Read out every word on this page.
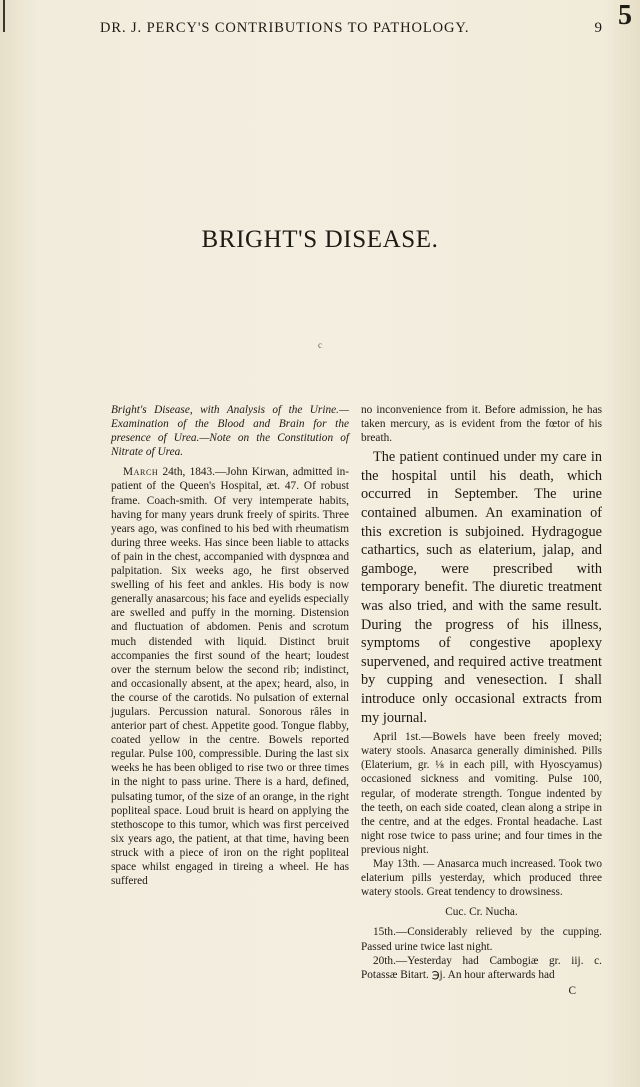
DR. J. PERCY'S CONTRIBUTIONS TO PATHOLOGY.	9 5
BRIGHT'S DISEASE.
c

Bright's Disease, with Analysis of the Urine.—Examination of the Blood and Brain for the presence of Urea.—Note on the Constitution of Nitrate of Urea.

March 24th, 1843.—John Kirwan, admitted in-patient of the Queen's Hospital, æt. 47. Of robust frame. Coach-smith. Of very intemperate habits, having for many years drunk freely of spirits. Three years ago, was confined to his bed with rheumatism during three weeks. Has since been liable to attacks of pain in the chest, accompanied with dyspnœa and palpitation. Six weeks ago, he first observed swelling of his feet and ankles. His body is now generally anasarcous; his face and eyelids especially are swelled and puffy in the morning. Distension and fluctuation of abdomen. Penis and scrotum much distended with liquid. Distinct bruit accompanies the first sound of the heart; loudest over the sternum below the second rib; indistinct, and occasionally absent, at the apex; heard, also, in the course of the carotids. No pulsation of external jugulars. Percussion natural. Sonorous râles in anterior part of chest. Appetite good. Tongue flabby, coated yellow in the centre. Bowels reported regular. Pulse 100, compressible. During the last six weeks he has been obliged to rise two or three times in the night to pass urine. There is a hard, defined, pulsating tumor, of the size of an orange, in the right popliteal space. Loud bruit is heard on applying the stethoscope to this tumor, which was first perceived six years ago, the patient, at that time, having been struck with a piece of iron on the right popliteal space whilst engaged in tireing a wheel. He has suffered

no inconvenience from it. Before admission, he has taken mercury, as is evident from the fœtor of his breath.

The patient continued under my care in the hospital until his death, which occurred in September. The urine contained albumen. An examination of this excretion is subjoined. Hydragogue cathartics, such as elaterium, jalap, and gamboge, were prescribed with temporary benefit. The diuretic treatment was also tried, and with the same result. During the progress of his illness, symptoms of congestive apoplexy supervened, and required active treatment by cupping and venesection. I shall introduce only occasional extracts from my journal.

April 1st.—Bowels have been freely moved; watery stools. Anasarca generally diminished. Pills (Elaterium, gr. ⅛ in each pill, with Hyoscyamus) occasioned sickness and vomiting. Pulse 100, regular, of moderate strength. Tongue indented by the teeth, on each side coated, clean along a stripe in the centre, and at the edges. Frontal headache. Last night rose twice to pass urine; and four times in the previous night.

May 13th. — Anasarca much increased. Took two elaterium pills yesterday, which produced three watery stools. Great tendency to drowsiness.

Cuc. Cr. Nucha.

15th.—Considerably relieved by the cupping. Passed urine twice last night.

20th.—Yesterday had Cambogiæ gr. iij. c. Potassæ Bitart. ℈j. An hour afterwards had

C
